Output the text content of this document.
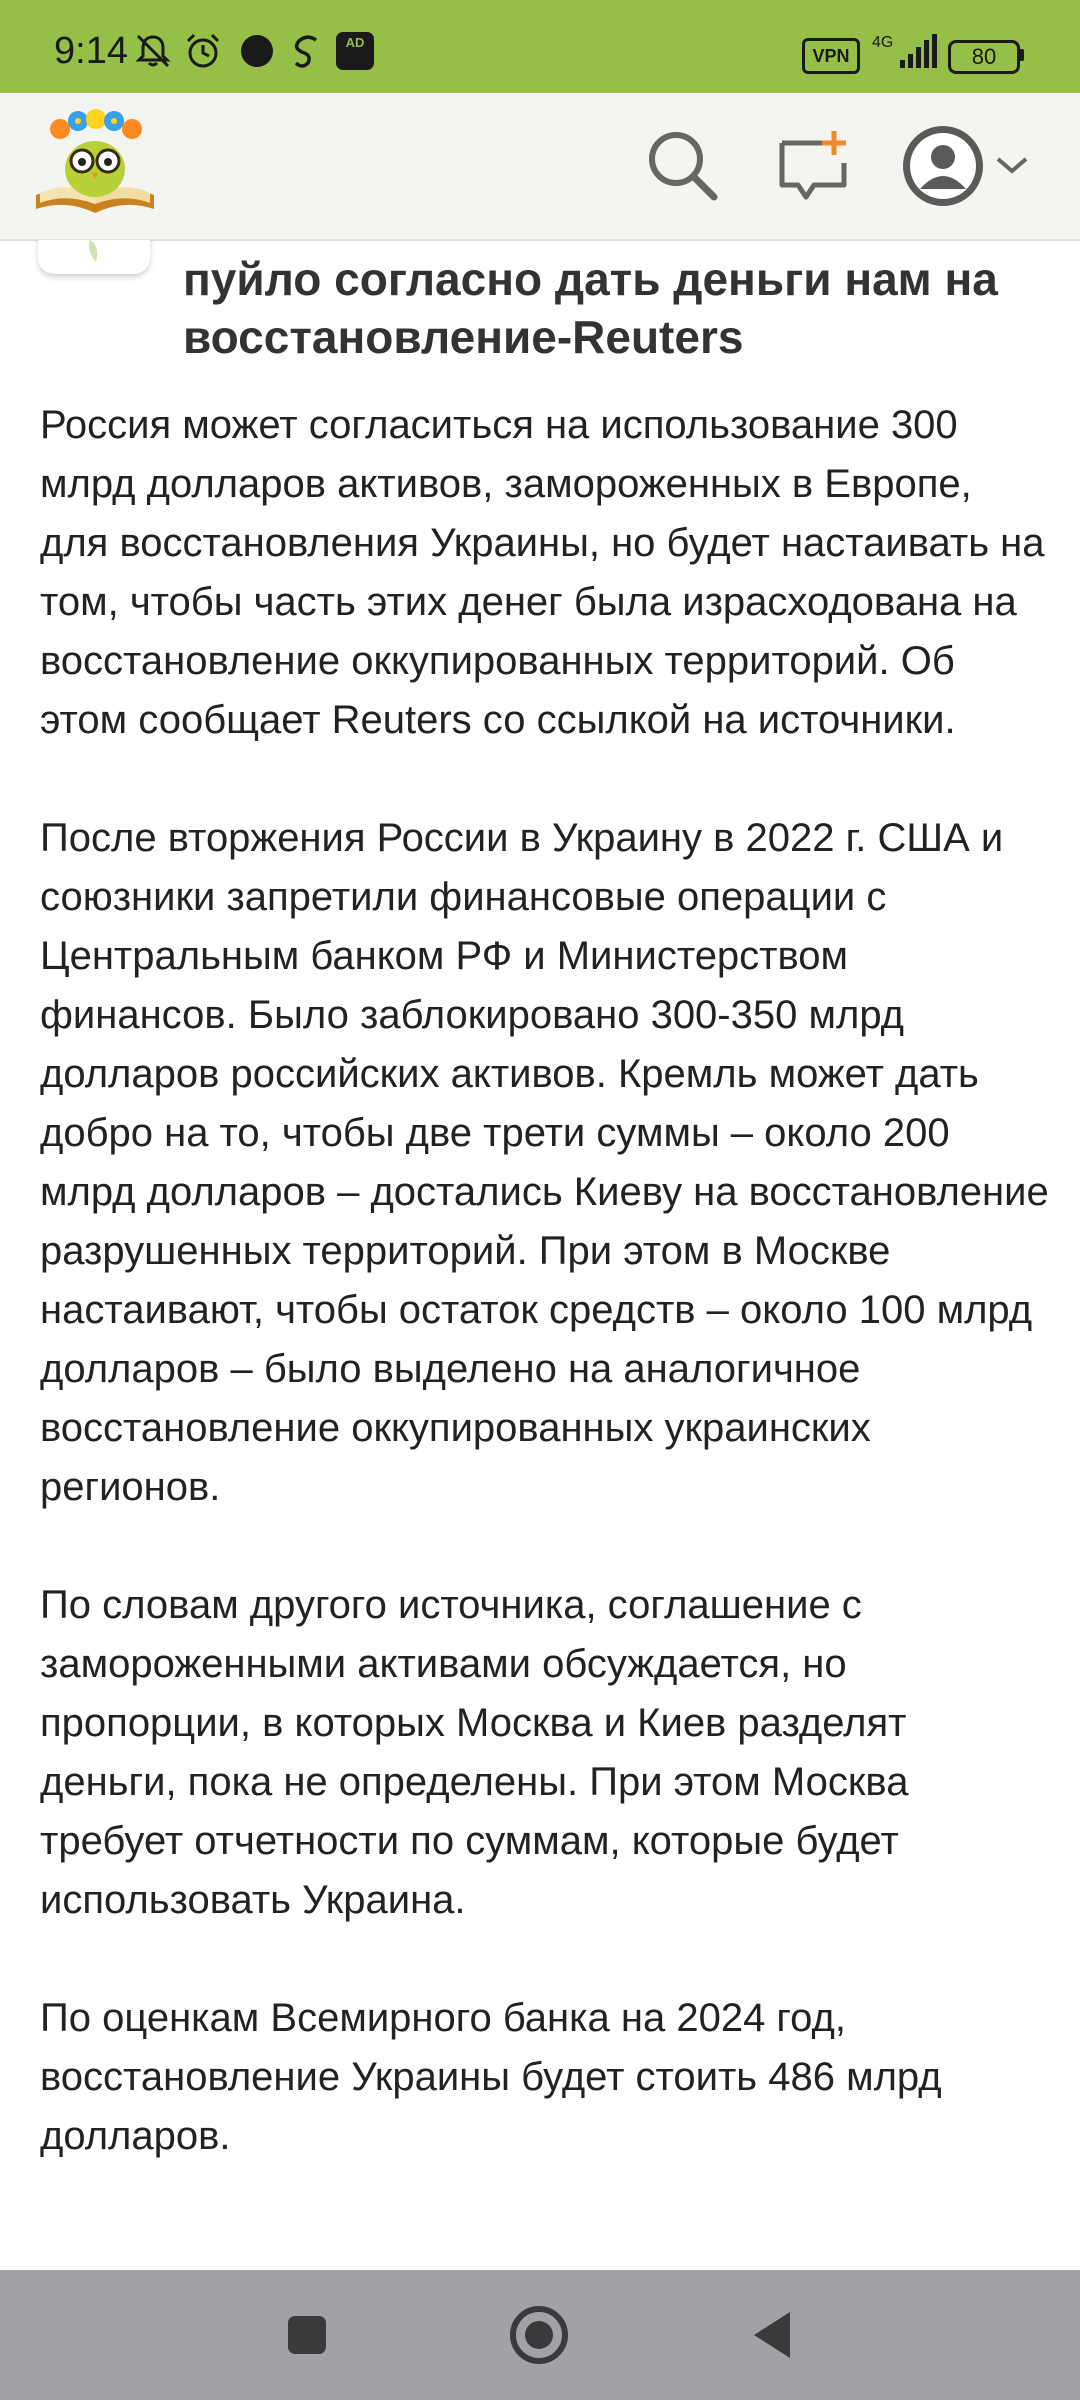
9:14	AD
VPN
4G
80
пуйло согласно дать деньги нам на восстановление-Reuters

Россия может согласиться на использование 300 млрд долларов активов, замороженных в Европе, для восстановления Украины, но будет настаивать на том, чтобы часть этих денег была израсходована на восстановление оккупированных территорий. Об этом сообщает Reuters со ссылкой на источники.

После вторжения России в Украину в 2022 г. США и союзники запретили финансовые операции с Центральным банком РФ и Министерством финансов. Было заблокировано 300-350 млрд долларов российских активов. Кремль может дать добро на то, чтобы две трети суммы – около 200 млрд долларов – достались Киеву на восстановление разрушенных территорий. При этом в Москве настаивают, чтобы остаток средств – около 100 млрд долларов – было выделено на аналогичное восстановление оккупированных украинских регионов.

По словам другого источника, соглашение с замороженными активами обсуждается, но пропорции, в которых Москва и Киев разделят деньги, пока не определены. При этом Москва требует отчетности по суммам, которые будет использовать Украина.

По оценкам Всемирного банка на 2024 год, восстановление Украины будет стоить 486 млрд долларов.
